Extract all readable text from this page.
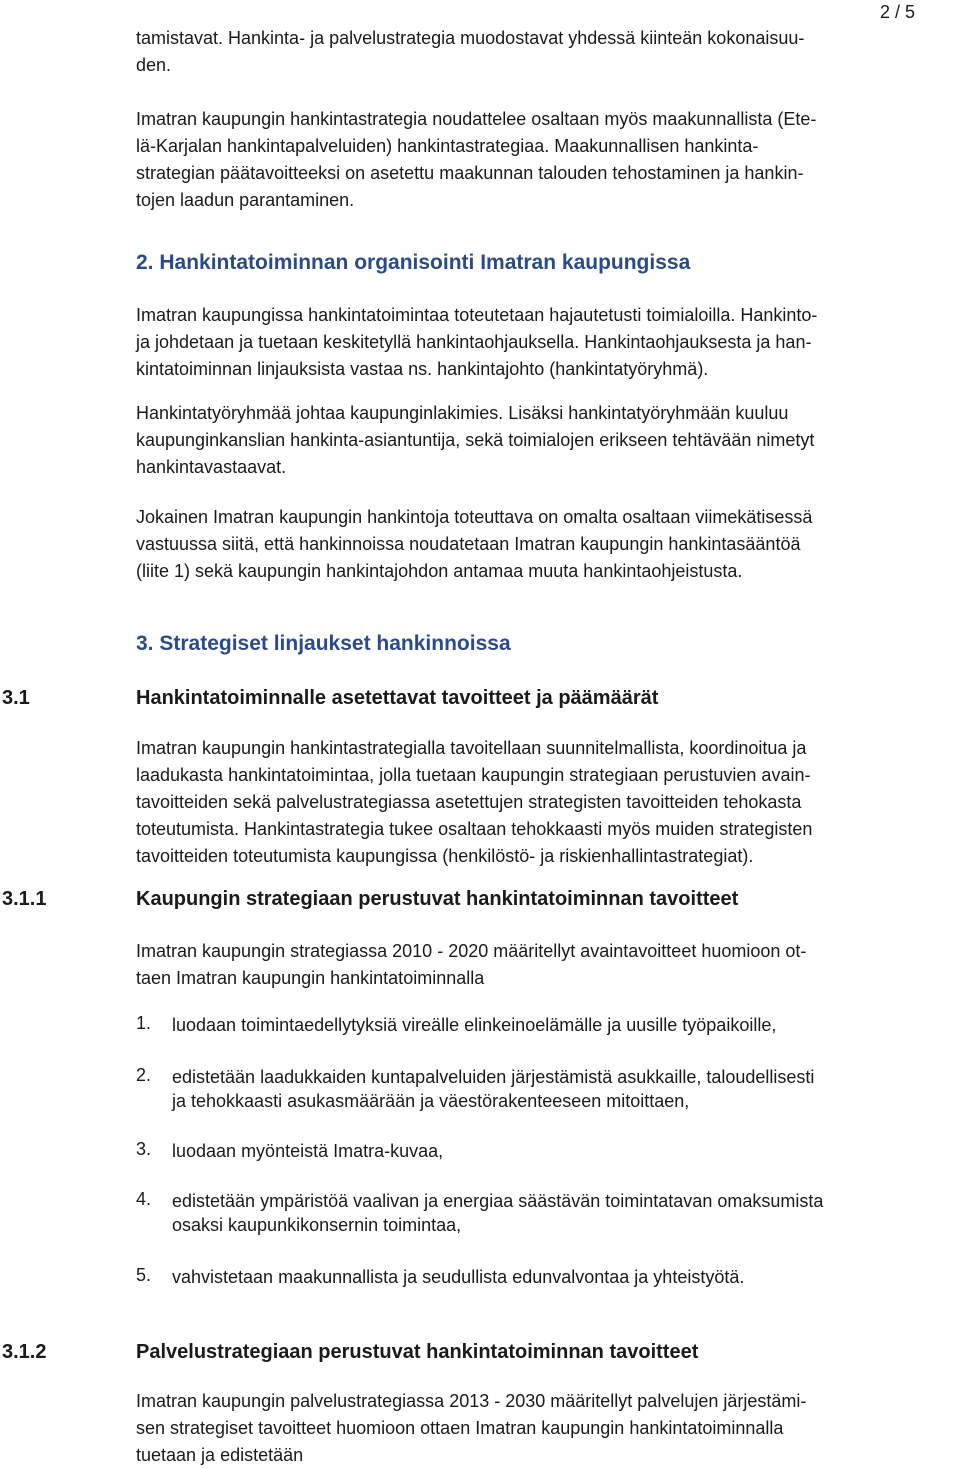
2 / 5
tamistavat. Hankinta- ja palvelustrategia muodostavat yhdessä kiinteän kokonaisuu-
den.
Imatran kaupungin hankintastrategia noudattelee osaltaan myös maakunnallista (Ete-
lä-Karjalan hankintapalveluiden) hankintastrategiaa. Maakunnallisen hankinta-
strategian päätavoitteeksi on asetettu maakunnan talouden tehostaminen ja hankin-
tojen laadun parantaminen.
2. Hankintatoiminnan organisointi Imatran kaupungissa
Imatran kaupungissa hankintatoimintaa toteutetaan hajautetusti toimialoilla. Hankinto-
ja johdetaan ja tuetaan keskitetyllä hankintaohjauksella. Hankintaohjauksesta ja han-
kintatoiminnan linjauksista vastaa ns. hankintajohto (hankintatyöryhmä).
Hankintatyöryhmää johtaa kaupunginlakimies. Lisäksi hankintatyöryhmään kuuluu
kaupunginkanslian hankinta-asiantuntija, sekä toimialojen erikseen tehtävään nimetyt
hankintavastaavat.
Jokainen Imatran kaupungin hankintoja toteuttava on omalta osaltaan viimekätisessä
vastuussa siitä, että hankinnoissa noudatetaan Imatran kaupungin hankintasääntöä
(liite 1) sekä kaupungin hankintajohdon antamaa muuta hankintaohjeistusta.
3. Strategiset linjaukset hankinnoissa
3.1	Hankintatoiminnalle asetettavat tavoitteet ja päämäärät
Imatran kaupungin hankintastrategialla tavoitellaan suunnitelmallista, koordinoitua ja
laadukasta hankintatoimintaa, jolla tuetaan kaupungin strategiaan perustuvien avain-
tavoitteiden sekä palvelustrategiassa asetettujen strategisten tavoitteiden tehokasta
toteutumista. Hankintastrategia tukee osaltaan tehokkaasti myös muiden strategisten
tavoitteiden toteutumista kaupungissa (henkilöstö- ja riskienhallintastrategiat).
3.1.1	Kaupungin strategiaan perustuvat hankintatoiminnan tavoitteet
Imatran kaupungin strategiassa 2010 - 2020 määritellyt avaintavoitteet huomioon ot-
taen Imatran kaupungin hankintatoiminnalla
1. luodaan toimintaedellytyksiä vireälle elinkeinoelämälle ja uusille työpaikoille,
2. edistetään laadukkaiden kuntapalveluiden järjestämistä asukkaille, taloudellisesti
ja tehokkaasti asukasmäärään ja väestörakenteeseen mitoittaen,
3. luodaan myönteistä Imatra-kuvaa,
4. edistetään ympäristöä vaalivan ja energiaa säästävän toimintatavan omaksumista
osaksi kaupunkikonsernin toimintaa,
5. vahvistetaan maakunnallista ja seudullista edunvalvontaa ja yhteistyötä.
3.1.2	Palvelustrategiaan perustuvat hankintatoiminnan tavoitteet
Imatran kaupungin palvelustrategiassa 2013 - 2030 määritellyt palvelujen järjestämi-
sen strategiset tavoitteet huomioon ottaen Imatran kaupungin hankintatoiminnalla
tuetaan ja edistetään
